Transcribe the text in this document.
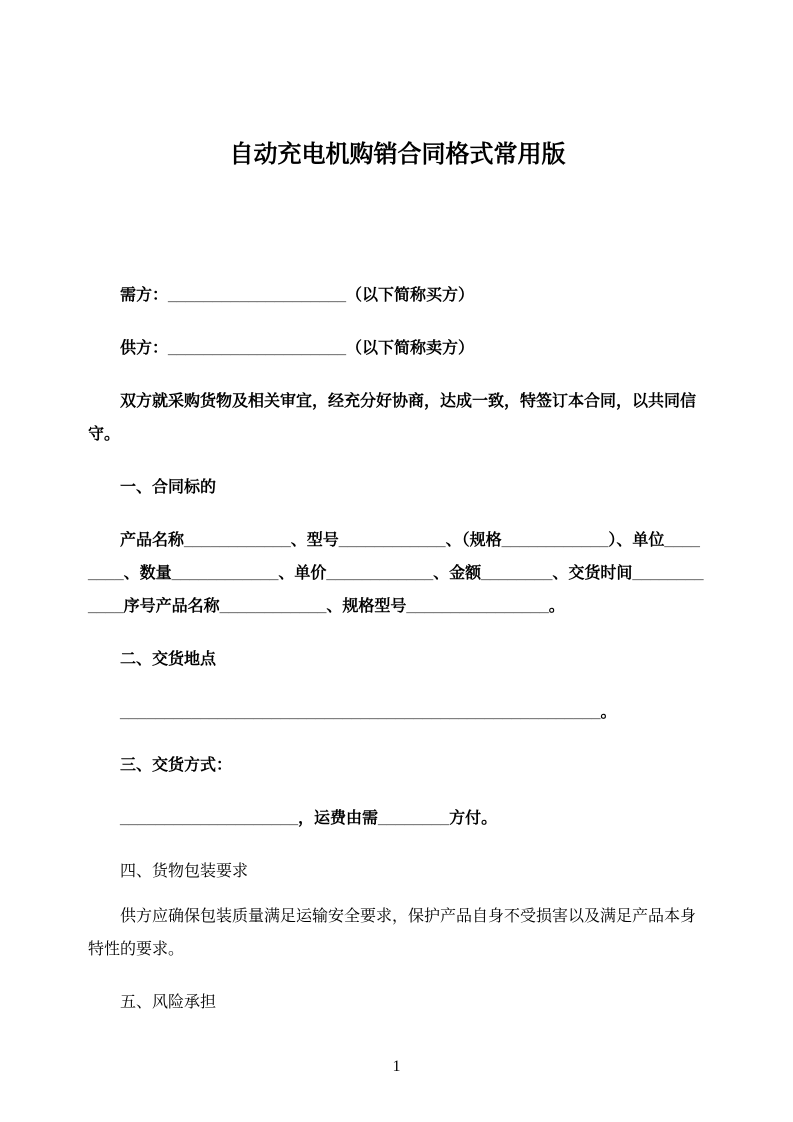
自动充电机购销合同格式常用版

需方：____________________（以下简称买方）

供方：____________________（以下简称卖方）

双方就采购货物及相关审宜，经充分好协商，达成一致，特签订本合同，以共同信守。

一、合同标的

产品名称____________、型号____________、（规格____________）、单位________、数量____________、单价____________、金额________、交货时间____________序号产品名称____________、规格型号________________。

二、交货地点

______________________________________________________。

三、交货方式：

____________________，运费由需________方付。

四、货物包装要求

供方应确保包装质量满足运输安全要求，保护产品自身不受损害以及满足产品本身特性的要求。

五、风险承担

1
